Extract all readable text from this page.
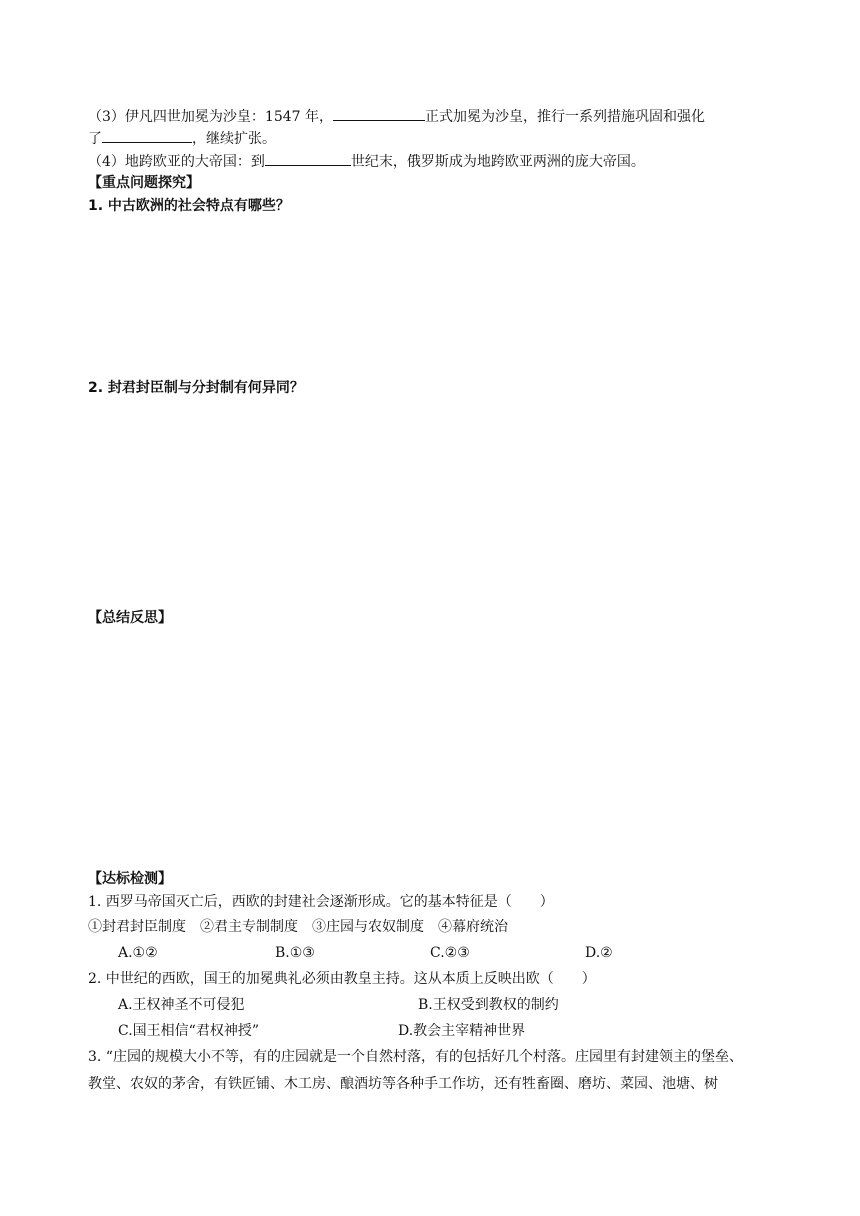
（3）伊凡四世加冕为沙皇：1547 年，	正式加冕为沙皇，推行一系列措施巩固和强化
了	，继续扩张。
（4）地跨欧亚的大帝国：到	世纪末，俄罗斯成为地跨欧亚两洲的庞大帝国。
【重点问题探究】
1. 中古欧洲的社会特点有哪些？
2. 封君封臣制与分封制有何异同？
【总结反思】
【达标检测】
1. 西罗马帝国灭亡后，西欧的封建社会逐渐形成。它的基本特征是（　　）
①封君封臣制度　②君主专制制度　③庄园与农奴制度　④幕府统治
A.①②	B.①③	C.②③	D.②
2. 中世纪的西欧，国王的加冕典礼必须由教皇主持。这从本质上反映出欧（　　）
A.王权神圣不可侵犯	B.王权受到教权的制约
C.国王相信“君权神授”	D.教会主宰精神世界
3. “庄园的规模大小不等，有的庄园就是一个自然村落，有的包括好几个村落。庄园里有封建领主的堡垒、
教堂、农奴的茅舍，有铁匠铺、木工房、酿酒坊等各种手工作坊，还有牲畜圈、磨坊、菜园、池塘、树
